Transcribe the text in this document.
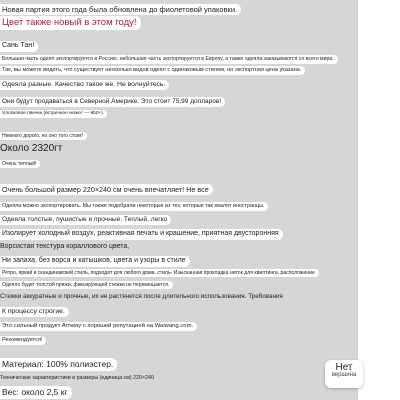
Новая партия этого года была обновлена до фиолетовой упаковки.
Цвет также новый в этом году!
Сань Тан!
Большая часть одеял экспортируется в Россию, небольшая часть экспортируется в Европу, а также одеяла заказываются со всего мира.
Так, вы можете видеть, что существует несколько видов одеял с одинаковым стилем, но экспортная цена указана.
Одеяла разные. Качество такое же. Не волнуйтесь.
Они будут продаваться в Северной Америке. Это стоит 75,99 долларов!
Хлопковое пвечки (встречное может — 9b0+)
Немного дорого, но оно того стоит!
Около 2320гт
Очень теплый!
Очень большой размер 220×240 см очень впечатляет! Не все
Одеяла можно экспортировать. Мы также подобрали некоторые из тех, которые так хвалят иностранцы.
Одеяла толстые, пушистые и прочные. Теплый, легко
Изолирует холодный воздух, реактивная печать и крашение, приятная двусторонняя
Ворсистая текстура кораллового цвета,
Ни запаха, без ворса и катышков, цвета и узоры в стиле
Ретро, яркий и скандинавский стиль, подходят для любого дома. стиль- Изысканная прокладка ниток для квилтинга, расположение
Одеяло будет толстой пряжи, фиксирующей стежки не перемещается,
Стежки аккуратные и прочные, их не растянется после длительного использования. Требования
К процессу строгие.
Это сильный продукт Amway с хорошей репутацией на Waiwang.com.
Рекомендуется!
Материал: 100% полиэстер.
Технические характеристики и размеры (единица см) 220×240
Вес: около 2,5 кг
Нет
вершина
